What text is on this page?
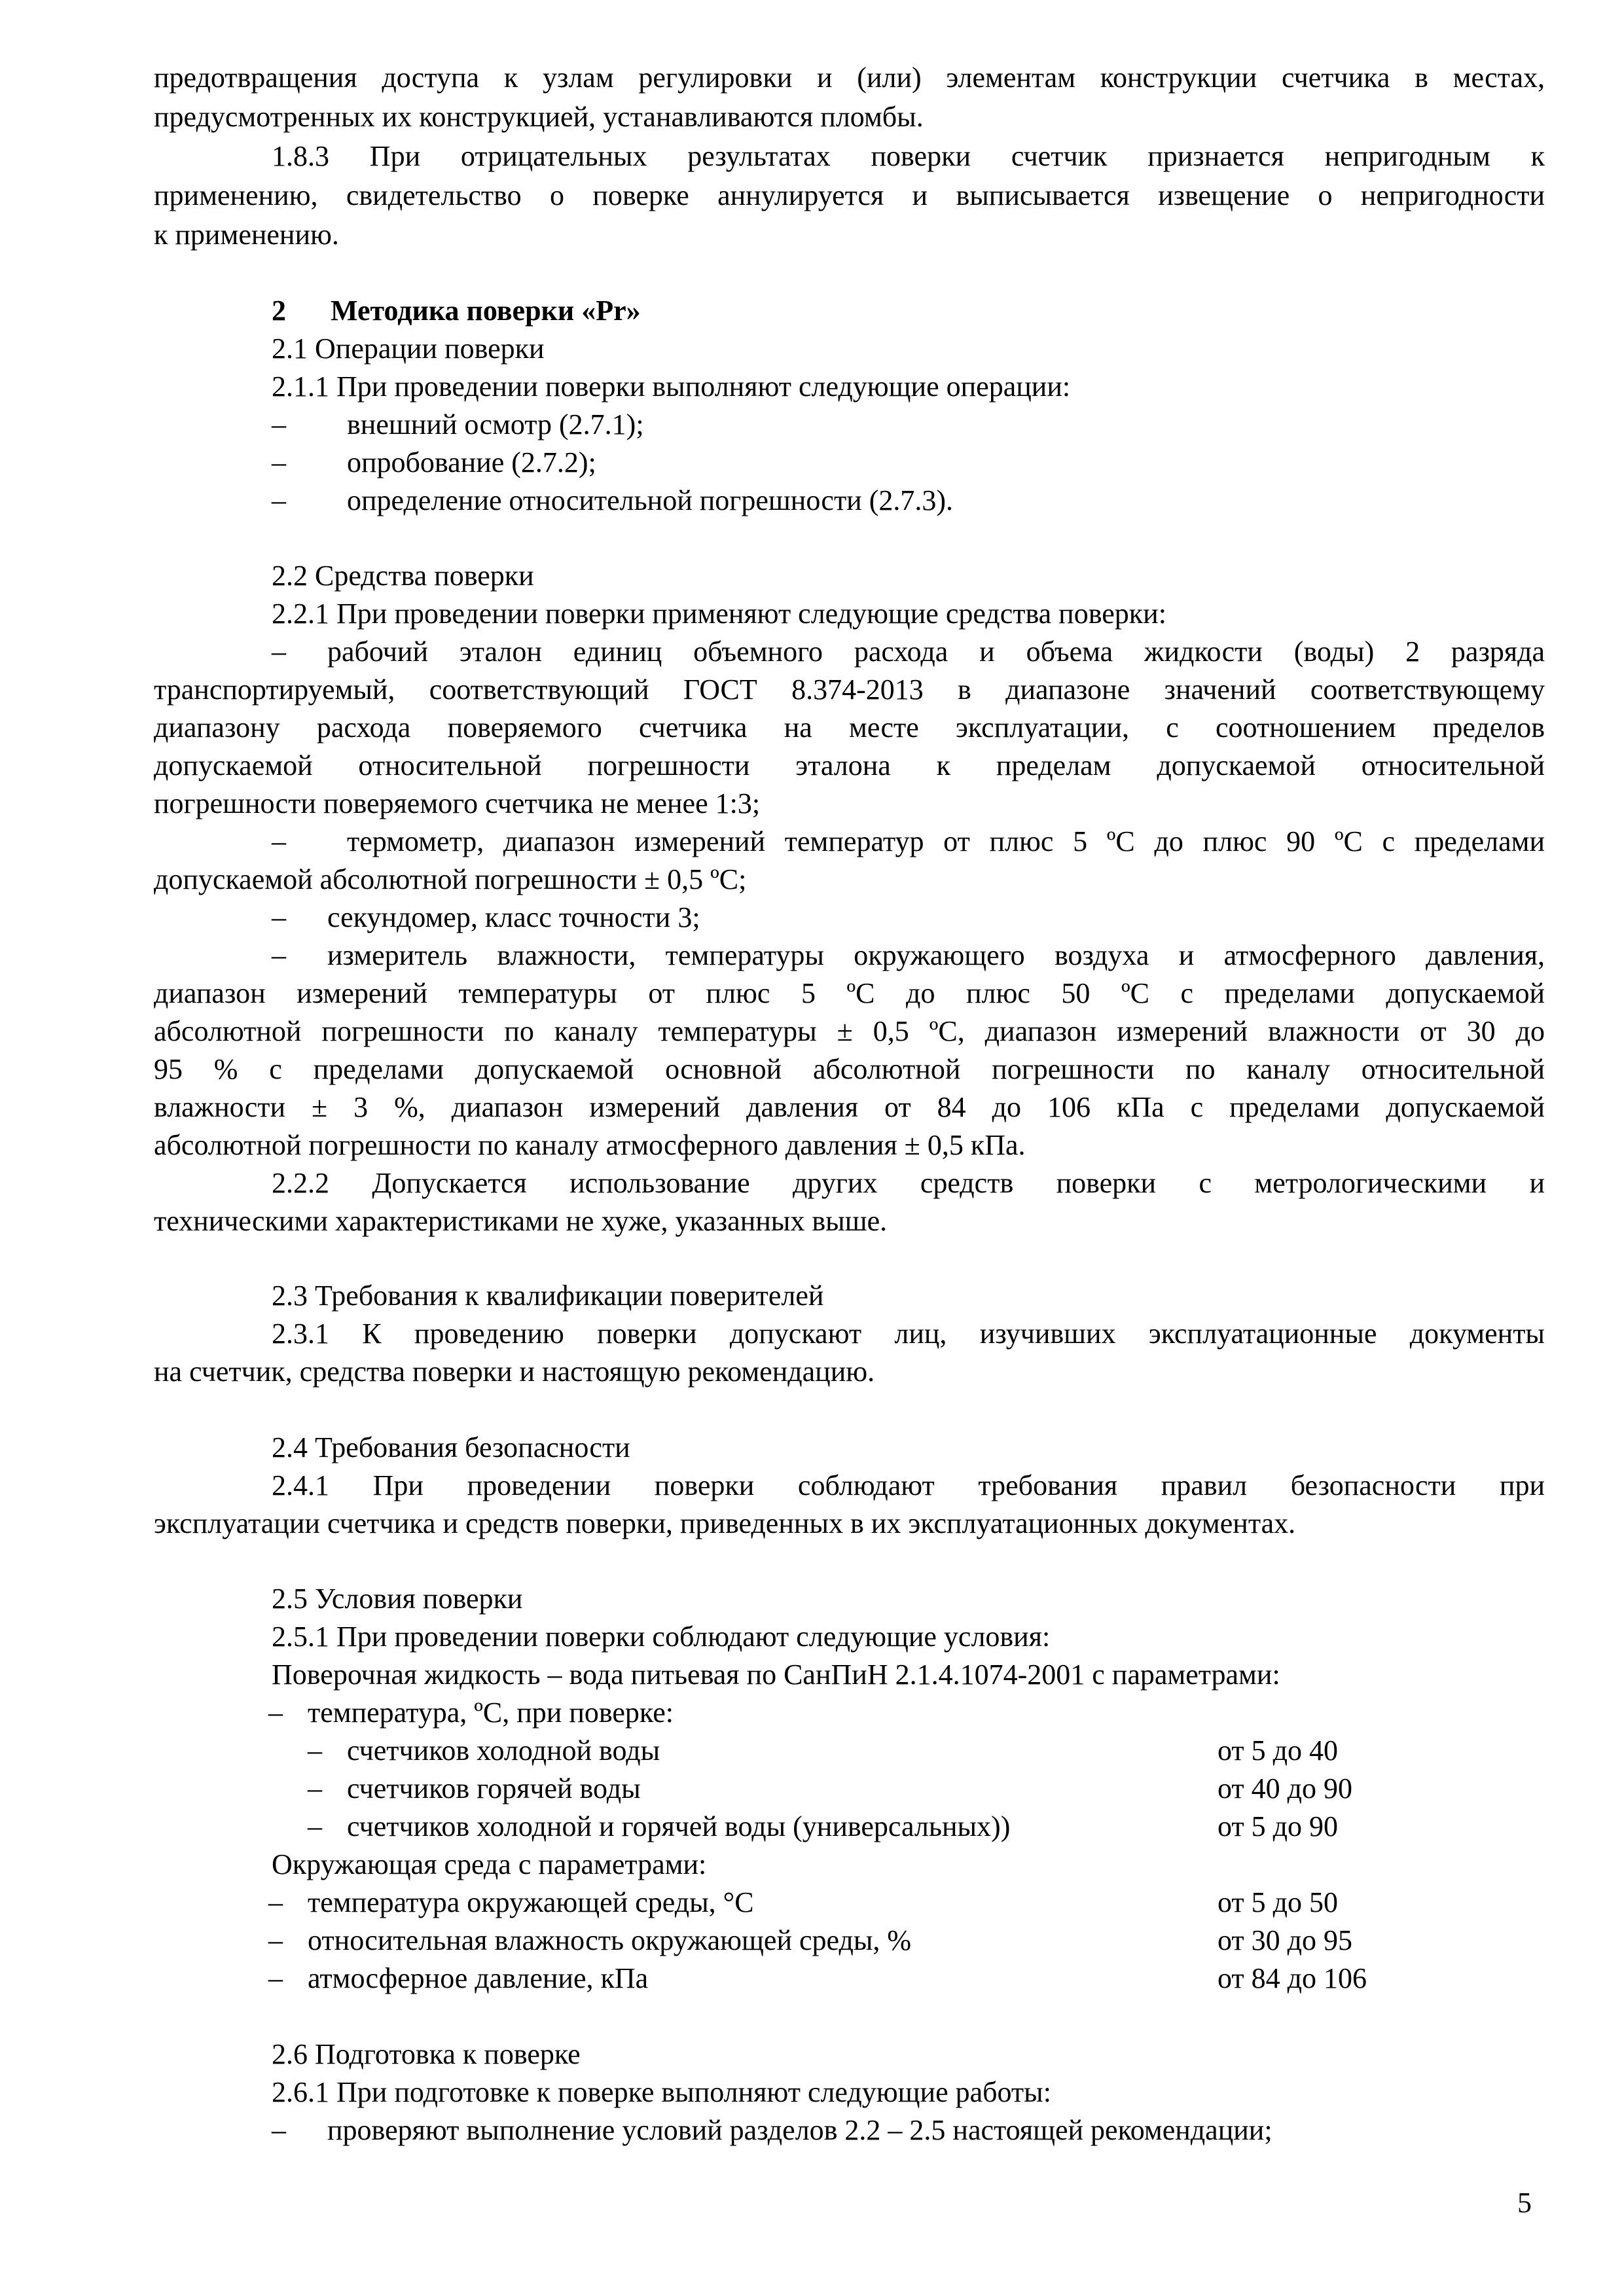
предотвращения доступа к узлам регулировки и (или) элементам конструкции счетчика в местах,
предусмотренных их конструкцией, устанавливаются пломбы.
1.8.3 При отрицательных результатах поверки счетчик признается непригодным к
применению, свидетельство о поверке аннулируется и выписывается извещение о непригодности
к применению.
2 Методика поверки «Pr»
2.1 Операции поверки
2.1.1 При проведении поверки выполняют следующие операции:
– внешний осмотр (2.7.1);
– опробование (2.7.2);
– определение относительной погрешности (2.7.3).
2.2 Средства поверки
2.2.1 При проведении поверки применяют следующие средства поверки:
– рабочий эталон единиц объемного расхода и объема жидкости (воды) 2 разряда
транспортируемый, соответствующий ГОСТ 8.374-2013 в диапазоне значений соответствующему
диапазону расхода поверяемого счетчика на месте эксплуатации, с соотношением пределов
допускаемой относительной погрешности эталона к пределам допускаемой относительной
погрешности поверяемого счетчика не менее 1:3;
– термометр, диапазон измерений температур от плюс 5 ºС до плюс 90 ºС с пределами
допускаемой абсолютной погрешности ± 0,5 ºС;
– секундомер, класс точности 3;
– измеритель влажности, температуры окружающего воздуха и атмосферного давления,
диапазон измерений температуры от плюс 5 ºС до плюс 50 ºС с пределами допускаемой
абсолютной погрешности по каналу температуры ± 0,5 ºС, диапазон измерений влажности от 30 до
95 % с пределами допускаемой основной абсолютной погрешности по каналу относительной
влажности ± 3 %, диапазон измерений давления от 84 до 106 кПа с пределами допускаемой
абсолютной погрешности по каналу атмосферного давления ± 0,5 кПа.
2.2.2 Допускается использование других средств поверки с метрологическими и
техническими характеристиками не хуже, указанных выше.
2.3 Требования к квалификации поверителей
2.3.1 К проведению поверки допускают лиц, изучивших эксплуатационные документы
на счетчик, средства поверки и настоящую рекомендацию.
2.4 Требования безопасности
2.4.1 При проведении поверки соблюдают требования правил безопасности при
эксплуатации счетчика и средств поверки, приведенных в их эксплуатационных документах.
2.5 Условия поверки
2.5.1 При проведении поверки соблюдают следующие условия:
Поверочная жидкость – вода питьевая по СанПиН 2.1.4.1074-2001 с параметрами:
– температура, ºС, при поверке:
– счетчиков холодной воды	от 5 до 40
– счетчиков горячей воды	от 40 до 90
– счетчиков холодной и горячей воды (универсальных))	от 5 до 90
Окружающая среда с параметрами:
– температура окружающей среды, °С	от 5 до 50
– относительная влажность окружающей среды, %	от 30 до 95
– атмосферное давление, кПа	от 84 до 106
2.6 Подготовка к поверке
2.6.1 При подготовке к поверке выполняют следующие работы:
– проверяют выполнение условий разделов 2.2 – 2.5 настоящей рекомендации;
5
